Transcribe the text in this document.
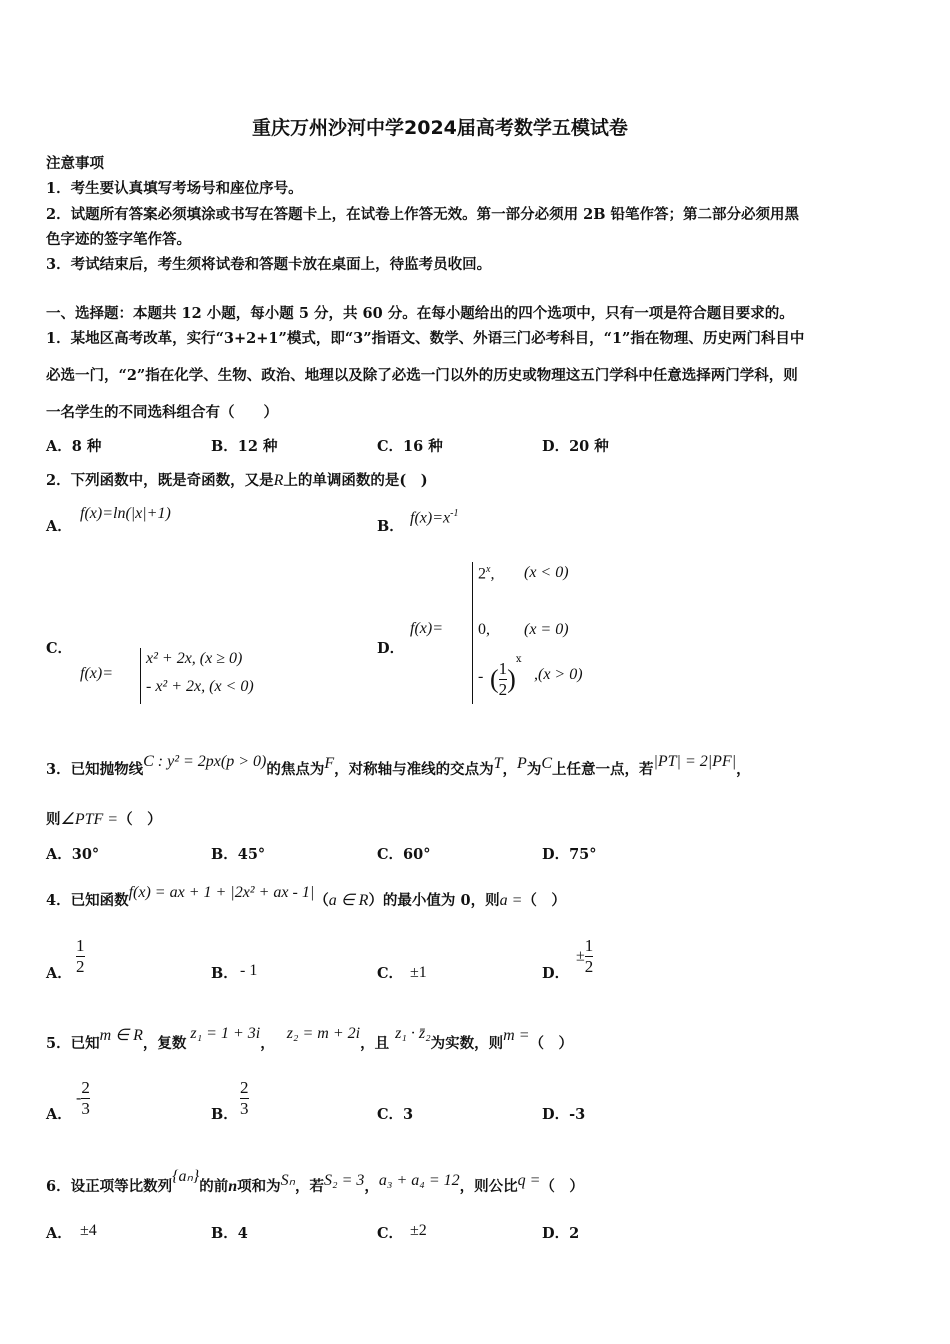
重庆万州沙河中学2024届高考数学五模试卷
注意事项
1．考生要认真填写考场号和座位序号。
2．试题所有答案必须填涂或书写在答题卡上，在试卷上作答无效。第一部分必须用 2B 铅笔作答；第二部分必须用黑
色字迹的签字笔作答。
3．考试结束后，考生须将试卷和答题卡放在桌面上，待监考员收回。
一、选择题：本题共 12 小题，每小题 5 分，共 60 分。在每小题给出的四个选项中，只有一项是符合题目要求的。
1．某地区高考改革，实行“3+2+1”模式，即“3”指语文、数学、外语三门必考科目，“1”指在物理、历史两门科目中
必选一门，“2”指在化学、生物、政治、地理以及除了必选一门以外的历史或物理这五门学科中任意选择两门学科，则
一名学生的不同选科组合有（　　）
A．8 种	B．12 种	C．16 种	D．20 种
2．下列函数中，既是奇函数，又是R上的单调函数的是(　)
A．
f(x)=ln(|x|+1)
B．
$f(x)=x^{-1}$
C．
f(x)=
x² + 2x, (x ≥ 0)
- x² + 2x, (x < 0)
D．
f(x)=
$2^x$, (x < 0)
0, (x = 0)
- ( $\frac{1}{2} )^x$
,(x > 0)
3．已知抛物线C : y² = 2px(p > 0)的焦点为F，对称轴与准线的交点为T，P为C上任意一点，若|PT| = 2|PF|，
则∠PTF =（　）
A．30°	B．45°	C．60°	D．75°
4．已知函数f(x) = ax + 1 + |2x² + ax - 1|（a ∈ R）的最小值为 0，则a =（　）
A． $\frac{1}{2}$	B． - 1	C． ±1	D．
± $\frac{1}{2}$
5．已知m ∈ R，复数z₁ = 1 + 3i，z₂ = m + 2i，且z₁ · z̄₂为实数，则m =（　）
A．
- $\frac{2}{3}$	B． $\frac{2}{3}$	C．3	D．-3
6．设正项等比数列{aₙ}的前n项和为Sₙ，若S₂ = 3，a₃ + a₄ = 12，则公比q =（　）
A． ±4	B．4	C． ±2	D．2
